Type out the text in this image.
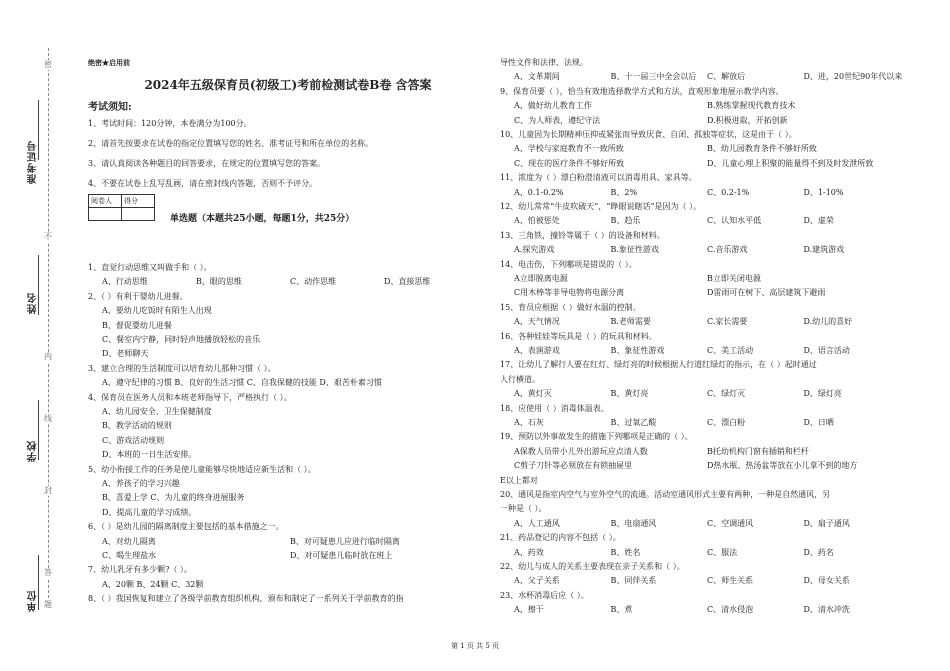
准考证号
姓名
学校
单位
密
不
内
线
封
答
题
绝密★启用前
2024年五级保育员(初级工)考前检测试卷B卷 含答案
考试须知:
1、考试时间：120分钟，本卷满分为100分。
2、请首先按要求在试卷的指定位置填写您的姓名、准考证号和所在单位的名称。
3、请认真阅读各种题目的回答要求，在规定的位置填写您的答案。
4、不要在试卷上乱写乱画，请在密封线内答题，否则不予评分。
阅卷人	得分

单选题（本题共25小题，每题1分，共25分）
1、直觉行动思维又叫做手和（ ）。
A、行动思维	B、眼的思维	C、动作思维	D、直接思维
2、（ ）有利于婴幼儿进餐。
A、要幼儿吃饭时有陌生人出现
B、督促婴幼儿进餐
C、餐室内宁静，同时轻声地播放轻松的音乐
D、老师聊天
3、建立合理的生活制度可以培育幼儿那种习惯（ ）。
A、遵守纪律的习惯 B、良好的生活习惯 C、自我保健的技能 D、艰苦朴素习惯
4、保育员在医务人员和本班老师指导下，严格执行（ ）。
A、幼儿园安全、卫生保健制度
B、教学活动的规则
C、游戏活动规则
D、本班的一日生活安排。
5、幼小衔接工作的任务是使儿童能够尽快地适应新生活和（ ）。
A、养孩子的学习兴趣
B、喜爱上学 C、为儿童的终身进展服务
D、提高儿童的学习成绩。
6、（ ）是幼儿园的隔离制度主要包括的基本措施之一。
A、对幼儿隔离	B、对可疑患儿应进行临时隔离
C、喝生理盐水	D、对可疑患儿临时放在班上
7、幼儿乳牙有多少颗?（ ）。
A、20颗 B、24颗 C、32颗
8、（ ）我国恢复和建立了各级学前教育组织机构，颁布和制定了一系列关于学前教育的指
导性文件和法律、法规。
A、文革期间	B、十一届三中全会以后 C、解放后	D、进，20世纪90年代以来
9、保育员要（ ），恰当有效地选择教学方式和方法，直观形象地展示教学内容。
A、做好幼儿教育工作	B.熟练掌握现代教育技术
C、为人师表，遵纪守法	D.积极进取，开拓创新
10、儿童因为长期精神压抑或紧张而导致厌食、自闭、孤独等症状，这是由于（ ）。
A、学校与家庭教育不一致所致	B、幼儿园教育条件不够好所致
C、现在的医疗条件不够好所致	D、儿童心理上积聚的能量得不到及时发泄所致
11、浓度为（ ）漂白粉澄清液可以消毒用具、家具等。
A、0.1-0.2%	B、2%	C、0.2-1%	D、1-10%
12、幼儿常常“牛皮吹破天”，“睁眼说瞎话”是因为（ ）。
A、怕被惩处	B、趋乐	C、认知水平低	D、虚荣
13、三角铁，撞铃等属于（ ）的设备和材料。
A.探究游戏	B.象征性游戏	C.音乐游戏	D.建筑游戏
14、电击伤，下列哪项是错误的（ ）。
A立即脱离电源	B立即关闭电源
C用木棒等非导电物将电源分离	D雷雨可在树下、高层建筑下避雨
15、育员应根据（ ）做好水温的控制。
A、天气情况	B.老师需要	C.家长需要	D.幼儿的喜好
16、各种娃娃等玩具是（ ）的玩具和材料。
A、表演游戏	B、象征性游戏	C、美工活动	D、语言活动
17、让幼儿了解行人要在红灯、绿灯亮的时候根据人行道红绿灯的指示，在（ ）起时通过
人行横道。
A、黄灯灭	B、黄灯亮	C、绿灯灭	D、绿灯亮
18、应使用（ ）消毒体温表。
A、石灰	B、过氧乙酸	C、漂白粉	D、日晒
19、预防以外事故发生的措施下列哪项是正确的（ ）。
A保教人员带小儿外出游玩应点清人数	B托幼机构门窗有插销和栏杆
C剪子刀针等必须放在有锁抽屉里	D热水瓶、热汤盆等放在小儿拿不到的地方
E以上都对
20、通风是指室内空气与室外空气的流通。活动室通风形式主要有两种，一种是自然通风，另
一种是（ ）。
A、人工通风	B、电扇通风	C、空调通风	D、扇子通风
21、药品登记的内容不包括（ ）。
A、药效	B、姓名	C、服法	D、药名
22、幼儿与成人的关系主要表现在亲子关系和（ ）。
A、父子关系	B、同伴关系	C、师生关系	D、母女关系
23、水杯消毒后应（ ）。
A、擦干	B、煮	C、清水侵泡	D、清水冲洗
第 1 页 共 5 页
